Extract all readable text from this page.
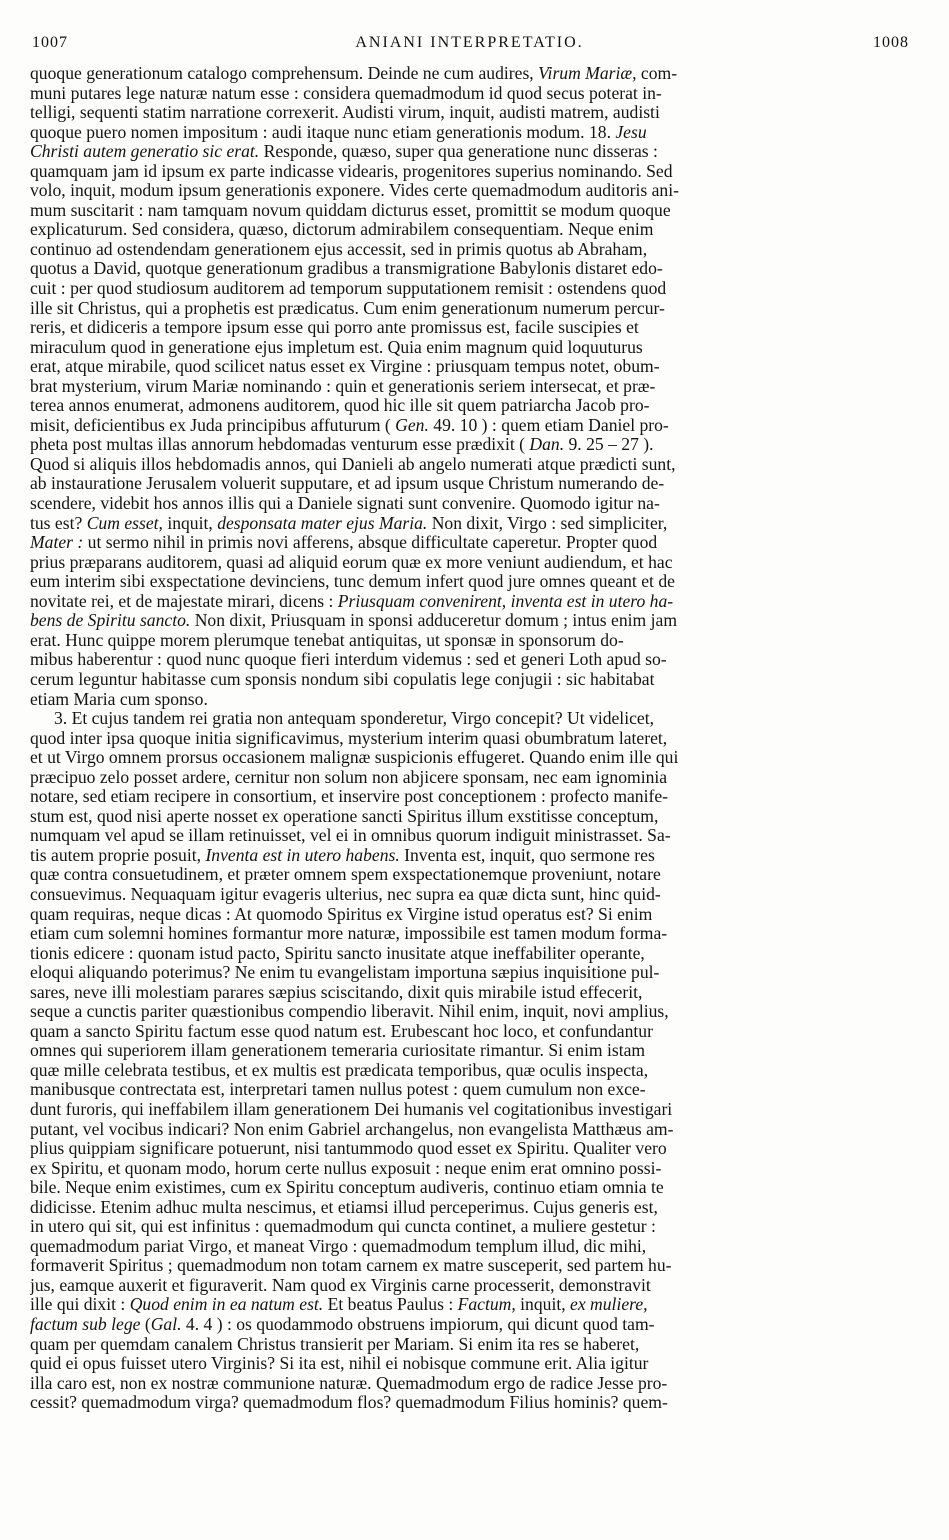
1007	ANIANI INTERPRETATIO.	1008
quoque generationum catalogo comprehensum. Deinde ne cum audires, Virum Mariæ, com-
muni putares lege naturæ natum esse : considera quemadmodum id quod secus poterat in-
telligi, sequenti statim narratione correxerit. Audisti virum, inquit, audisti matrem, audisti
quoque puero nomen impositum : audi itaque nunc etiam generationis modum. 18. Jesu
Christi autem generatio sic erat. Responde, quæso, super qua generatione nunc disseras :
quamquam jam id ipsum ex parte indicasse videaris, progenitores superius nominando. Sed
volo, inquit, modum ipsum generationis exponere. Vides certe quemadmodum auditoris ani-
mum suscitarit : nam tamquam novum quiddam dicturus esset, promittit se modum quoque
explicaturum. Sed considera, quæso, dictorum admirabilem consequentiam. Neque enim
continuo ad ostendendam generationem ejus accessit, sed in primis quotus ab Abraham,
quotus a David, quotque generationum gradibus a transmigratione Babylonis distaret edo-
cuit : per quod studiosum auditorem ad temporum supputationem remisit : ostendens quod
ille sit Christus, qui a prophetis est prædicatus. Cum enim generationum numerum percur-
reris, et didiceris a tempore ipsum esse qui porro ante promissus est, facile suscipies et
miraculum quod in generatione ejus impletum est. Quia enim magnum quid loquuturus
erat, atque mirabile, quod scilicet natus esset ex Virgine : priusquam tempus notet, obum-
brat mysterium, virum Mariæ nominando : quin et generationis seriem intersecat, et præ-
terea annos enumerat, admonens auditorem, quod hic ille sit quem patriarcha Jacob pro-
misit, deficientibus ex Juda principibus affuturum ( Gen. 49. 10 ) : quem etiam Daniel pro-
pheta post multas illas annorum hebdomadas venturum esse prædixit ( Dan. 9. 25 – 27 ).
Quod si aliquis illos hebdomadis annos, qui Danieli ab angelo numerati atque prædicti sunt,
ab instauratione Jerusalem voluerit supputare, et ad ipsum usque Christum numerando de-
scendere, videbit hos annos illis qui a Daniele signati sunt convenire. Quomodo igitur na-
tus est? Cum esset, inquit, desponsata mater ejus Maria. Non dixit, Virgo : sed simpliciter,
Mater : ut sermo nihil in primis novi afferens, absque difficultate caperetur. Propter quod
prius præparans auditorem, quasi ad aliquid eorum quæ ex more veniunt audiendum, et hac
eum interim sibi exspectatione devinciens, tunc demum infert quod jure omnes queant et de
novitate rei, et de majestate mirari, dicens : Priusquam convenirent, inventa est in utero ha-
bens de Spiritu sancto. Non dixit, Priusquam in sponsi adduceretur domum ; intus enim jam
erat. Hunc quippe morem plerumque tenebat antiquitas, ut sponsæ in sponsorum do-
mibus haberentur : quod nunc quoque fieri interdum videmus : sed et generi Loth apud so-
cerum leguntur habitasse cum sponsis nondum sibi copulatis lege conjugii : sic habitabat
etiam Maria cum sponso.
3. Et cujus tandem rei gratia non antequam sponderetur, Virgo concepit? Ut videlicet,
quod inter ipsa quoque initia significavimus, mysterium interim quasi obumbratum lateret,
et ut Virgo omnem prorsus occasionem malignæ suspicionis effugeret. Quando enim ille qui
præcipuo zelo posset ardere, cernitur non solum non abjicere sponsam, nec eam ignominia
notare, sed etiam recipere in consortium, et inservire post conceptionem : profecto manife-
stum est, quod nisi aperte nosset ex operatione sancti Spiritus illum exstitisse conceptum,
numquam vel apud se illam retinuisset, vel ei in omnibus quorum indiguit ministrasset. Sa-
tis autem proprie posuit, Inventa est in utero habens. Inventa est, inquit, quo sermone res
quæ contra consuetudinem, et præter omnem spem exspectationemque proveniunt, notare
consuevimus. Nequaquam igitur evageris ulterius, nec supra ea quæ dicta sunt, hinc quid-
quam requiras, neque dicas : At quomodo Spiritus ex Virgine istud operatus est? Si enim
etiam cum solemni homines formantur more naturæ, impossibile est tamen modum forma-
tionis edicere : quonam istud pacto, Spiritu sancto inusitate atque ineffabiliter operante,
eloqui aliquando poterimus? Ne enim tu evangelistam importuna sæpius inquisitione pul-
sares, neve illi molestiam parares sæpius sciscitando, dixit quis mirabile istud effecerit,
seque a cunctis pariter quæstionibus compendio liberavit. Nihil enim, inquit, novi amplius,
quam a sancto Spiritu factum esse quod natum est. Erubescant hoc loco, et confundantur
omnes qui superiorem illam generationem temeraria curiositate rimantur. Si enim istam
quæ mille celebrata testibus, et ex multis est prædicata temporibus, quæ oculis inspecta,
manibusque contrectata est, interpretari tamen nullus potest : quem cumulum non exce-
dunt furoris, qui ineffabilem illam generationem Dei humanis vel cogitationibus investigari
putant, vel vocibus indicari? Non enim Gabriel archangelus, non evangelista Matthæus am-
plius quippiam significare potuerunt, nisi tantummodo quod esset ex Spiritu. Qualiter vero
ex Spiritu, et quonam modo, horum certe nullus exposuit : neque enim erat omnino possi-
bile. Neque enim existimes, cum ex Spiritu conceptum audiveris, continuo etiam omnia te
didicisse. Etenim adhuc multa nescimus, et etiamsi illud perceperimus. Cujus generis est,
in utero qui sit, qui est infinitus : quemadmodum qui cuncta continet, a muliere gestetur :
quemadmodum pariat Virgo, et maneat Virgo : quemadmodum templum illud, dic mihi,
formaverit Spiritus ; quemadmodum non totam carnem ex matre susceperit, sed partem hu-
jus, eamque auxerit et figuraverit. Nam quod ex Virginis carne processerit, demonstravit
ille qui dixit : Quod enim in ea natum est. Et beatus Paulus : Factum, inquit, ex muliere,
factum sub lege (Gal. 4. 4 ) : os quodammodo obstruens impiorum, qui dicunt quod tam-
quam per quemdam canalem Christus transierit per Mariam. Si enim ita res se haberet,
quid ei opus fuisset utero Virginis? Si ita est, nihil ei nobisque commune erit. Alia igitur
illa caro est, non ex nostræ communione naturæ. Quemadmodum ergo de radice Jesse pro-
cessit? quemadmodum virga? quemadmodum flos? quemadmodum Filius hominis? quem-
